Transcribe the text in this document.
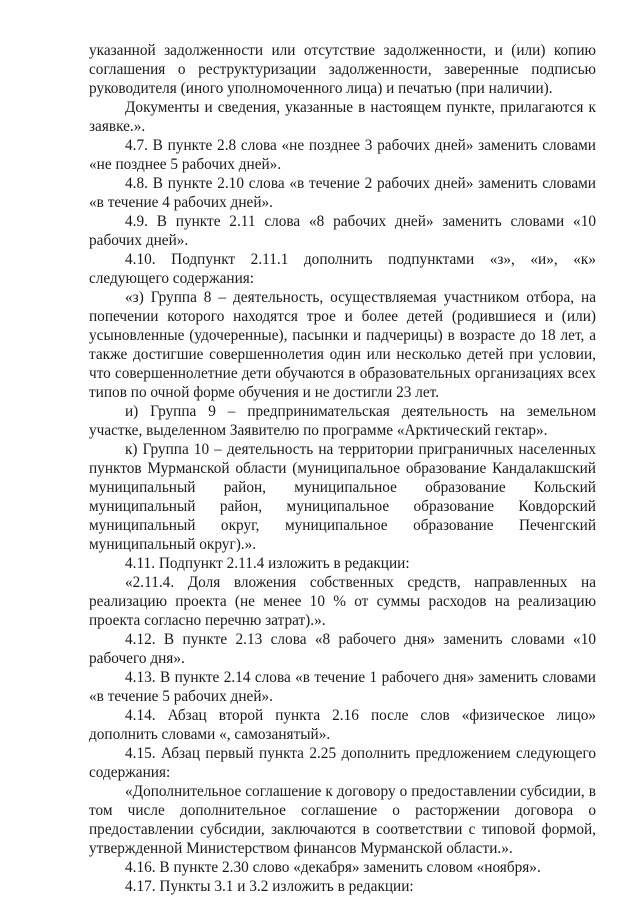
указанной задолженности или отсутствие задолженности, и (или) копию соглашения о реструктуризации задолженности, заверенные подписью руководителя (иного уполномоченного лица) и печатью (при наличии).

Документы и сведения, указанные в настоящем пункте, прилагаются к заявке.».

4.7. В пункте 2.8 слова «не позднее 3 рабочих дней» заменить словами «не позднее 5 рабочих дней».

4.8. В пункте 2.10 слова «в течение 2 рабочих дней» заменить словами «в течение 4 рабочих дней».

4.9. В пункте 2.11 слова «8 рабочих дней» заменить словами «10 рабочих дней».

4.10. Подпункт 2.11.1 дополнить подпунктами «з», «и», «к» следующего содержания:

«з) Группа 8 – деятельность, осуществляемая участником отбора, на попечении которого находятся трое и более детей (родившиеся и (или) усыновленные (удочеренные), пасынки и падчерицы) в возрасте до 18 лет, а также достигшие совершеннолетия один или несколько детей при условии, что совершеннолетние дети обучаются в образовательных организациях всех типов по очной форме обучения и не достигли 23 лет.

и) Группа 9 – предпринимательская деятельность на земельном участке, выделенном Заявителю по программе «Арктический гектар».

к) Группа 10 – деятельность на территории приграничных населенных пунктов Мурманской области (муниципальное образование Кандалакшский муниципальный район, муниципальное образование Кольский муниципальный район, муниципальное образование Ковдорский муниципальный округ, муниципальное образование Печенгский муниципальный округ).».

4.11. Подпункт 2.11.4 изложить в редакции:

«2.11.4. Доля вложения собственных средств, направленных на реализацию проекта (не менее 10 % от суммы расходов на реализацию проекта согласно перечню затрат).».

4.12. В пункте 2.13 слова «8 рабочего дня» заменить словами «10 рабочего дня».

4.13. В пункте 2.14 слова «в течение 1 рабочего дня» заменить словами «в течение 5 рабочих дней».

4.14. Абзац второй пункта 2.16 после слов «физическое лицо» дополнить словами «, самозанятый».

4.15. Абзац первый пункта 2.25 дополнить предложением следующего содержания:

«Дополнительное соглашение к договору о предоставлении субсидии, в том числе дополнительное соглашение о расторжении договора о предоставлении субсидии, заключаются в соответствии с типовой формой, утвержденной Министерством финансов Мурманской области.».

4.16. В пункте 2.30 слово «декабря» заменить словом «ноября».

4.17. Пункты 3.1 и 3.2 изложить в редакции:
